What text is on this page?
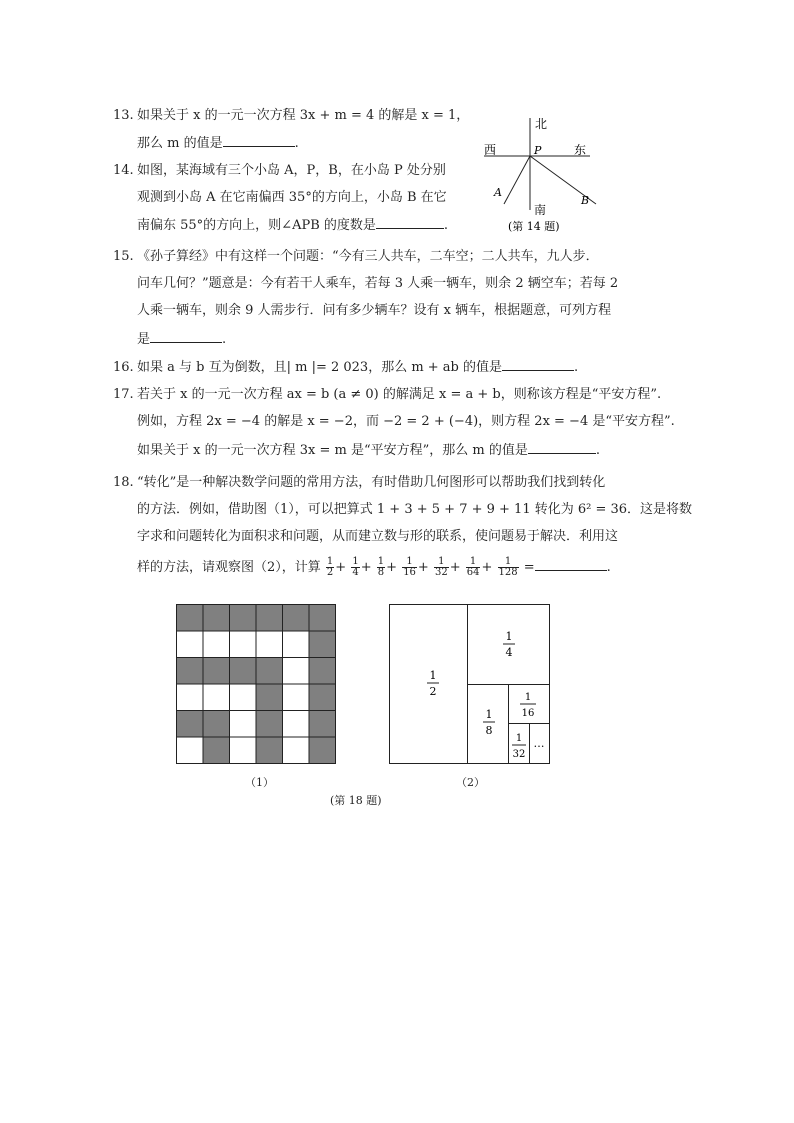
13. 如果关于 x 的一元一次方程 3x + m = 4 的解是 x = 1，
那么 m 的值是	.
14. 如图，某海域有三个小岛 A，P，B，在小岛 P 处分别
观测到小岛 A 在它南偏西 35°的方向上，小岛 B 在它
南偏东 55°的方向上，则∠APB 的度数是	.
北
西	东
南
P
A
B
(第 14 题)
15. 《孙子算经》中有这样一个问题：“今有三人共车，二车空；二人共车，九人步．
问车几何？”题意是：今有若干人乘车，若每 3 人乘一辆车，则余 2 辆空车；若每 2
人乘一辆车，则余 9 人需步行．问有多少辆车？设有 x 辆车，根据题意，可列方程
是	.
16. 如果 a 与 b 互为倒数，且| m |= 2 023，那么 m + ab 的值是	.
17. 若关于 x 的一元一次方程 ax = b (a ≠ 0) 的解满足 x = a + b，则称该方程是“平安方程”.
例如，方程 2x = −4 的解是 x = −2，而 −2 = 2 + (−4)，则方程 2x = −4 是“平安方程”.
如果关于 x 的一元一次方程 3x = m 是“平安方程”，那么 m 的值是	.
18. “转化”是一种解决数学问题的常用方法，有时借助几何图形可以帮助我们找到转化
的方法．例如，借助图（1），可以把算式 1 + 3 + 5 + 7 + 9 + 11 转化为 6² = 36．这是将数
字求和问题转化为面积求和问题，从而建立数与形的联系，使问题易于解决．利用这
样的方法，请观察图（2），计算 $\frac{1}{2} + \frac{1}{4} + \frac{1}{8} + \frac{1}{16} + \frac{1}{32} + \frac{1}{64} + \frac{1}{128}$ =	.
1
2
1
4
1
8
1
16
1
32
…
（1）	（2）
(第 18 题)
